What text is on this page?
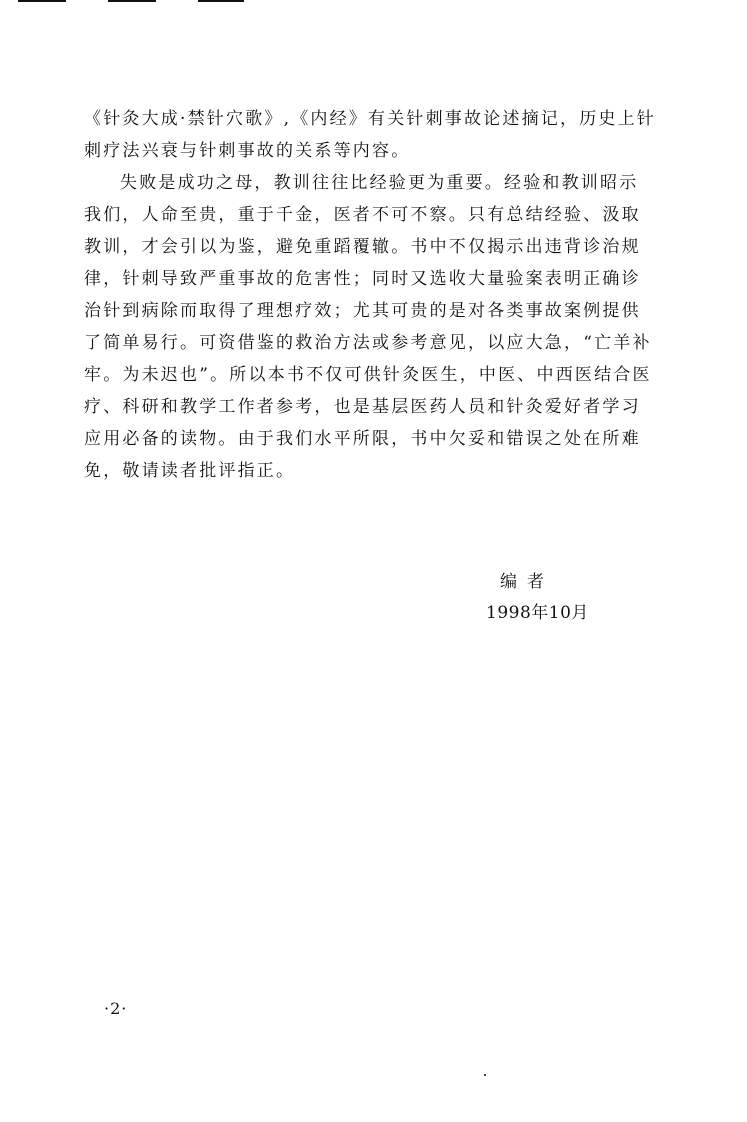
《针灸大成·禁针穴歌》,《内经》有关针刺事故论述摘记，历史上针
刺疗法兴衰与针刺事故的关系等内容。
失败是成功之母，教训往往比经验更为重要。经验和教训昭示
我们，人命至贵，重于千金，医者不可不察。只有总结经验、汲取
教训，才会引以为鉴，避免重蹈覆辙。书中不仅揭示出违背诊治规
律，针刺导致严重事故的危害性；同时又选收大量验案表明正确诊
治针到病除而取得了理想疗效；尤其可贵的是对各类事故案例提供
了简单易行。可资借鉴的救治方法或参考意见，以应大急，“亡羊补
牢。为未迟也”。所以本书不仅可供针灸医生，中医、中西医结合医
疗、科研和教学工作者参考，也是基层医药人员和针灸爱好者学习
应用必备的读物。由于我们水平所限，书中欠妥和错误之处在所难
免，敬请读者批评指正。
编者
1998年10月
·2·
